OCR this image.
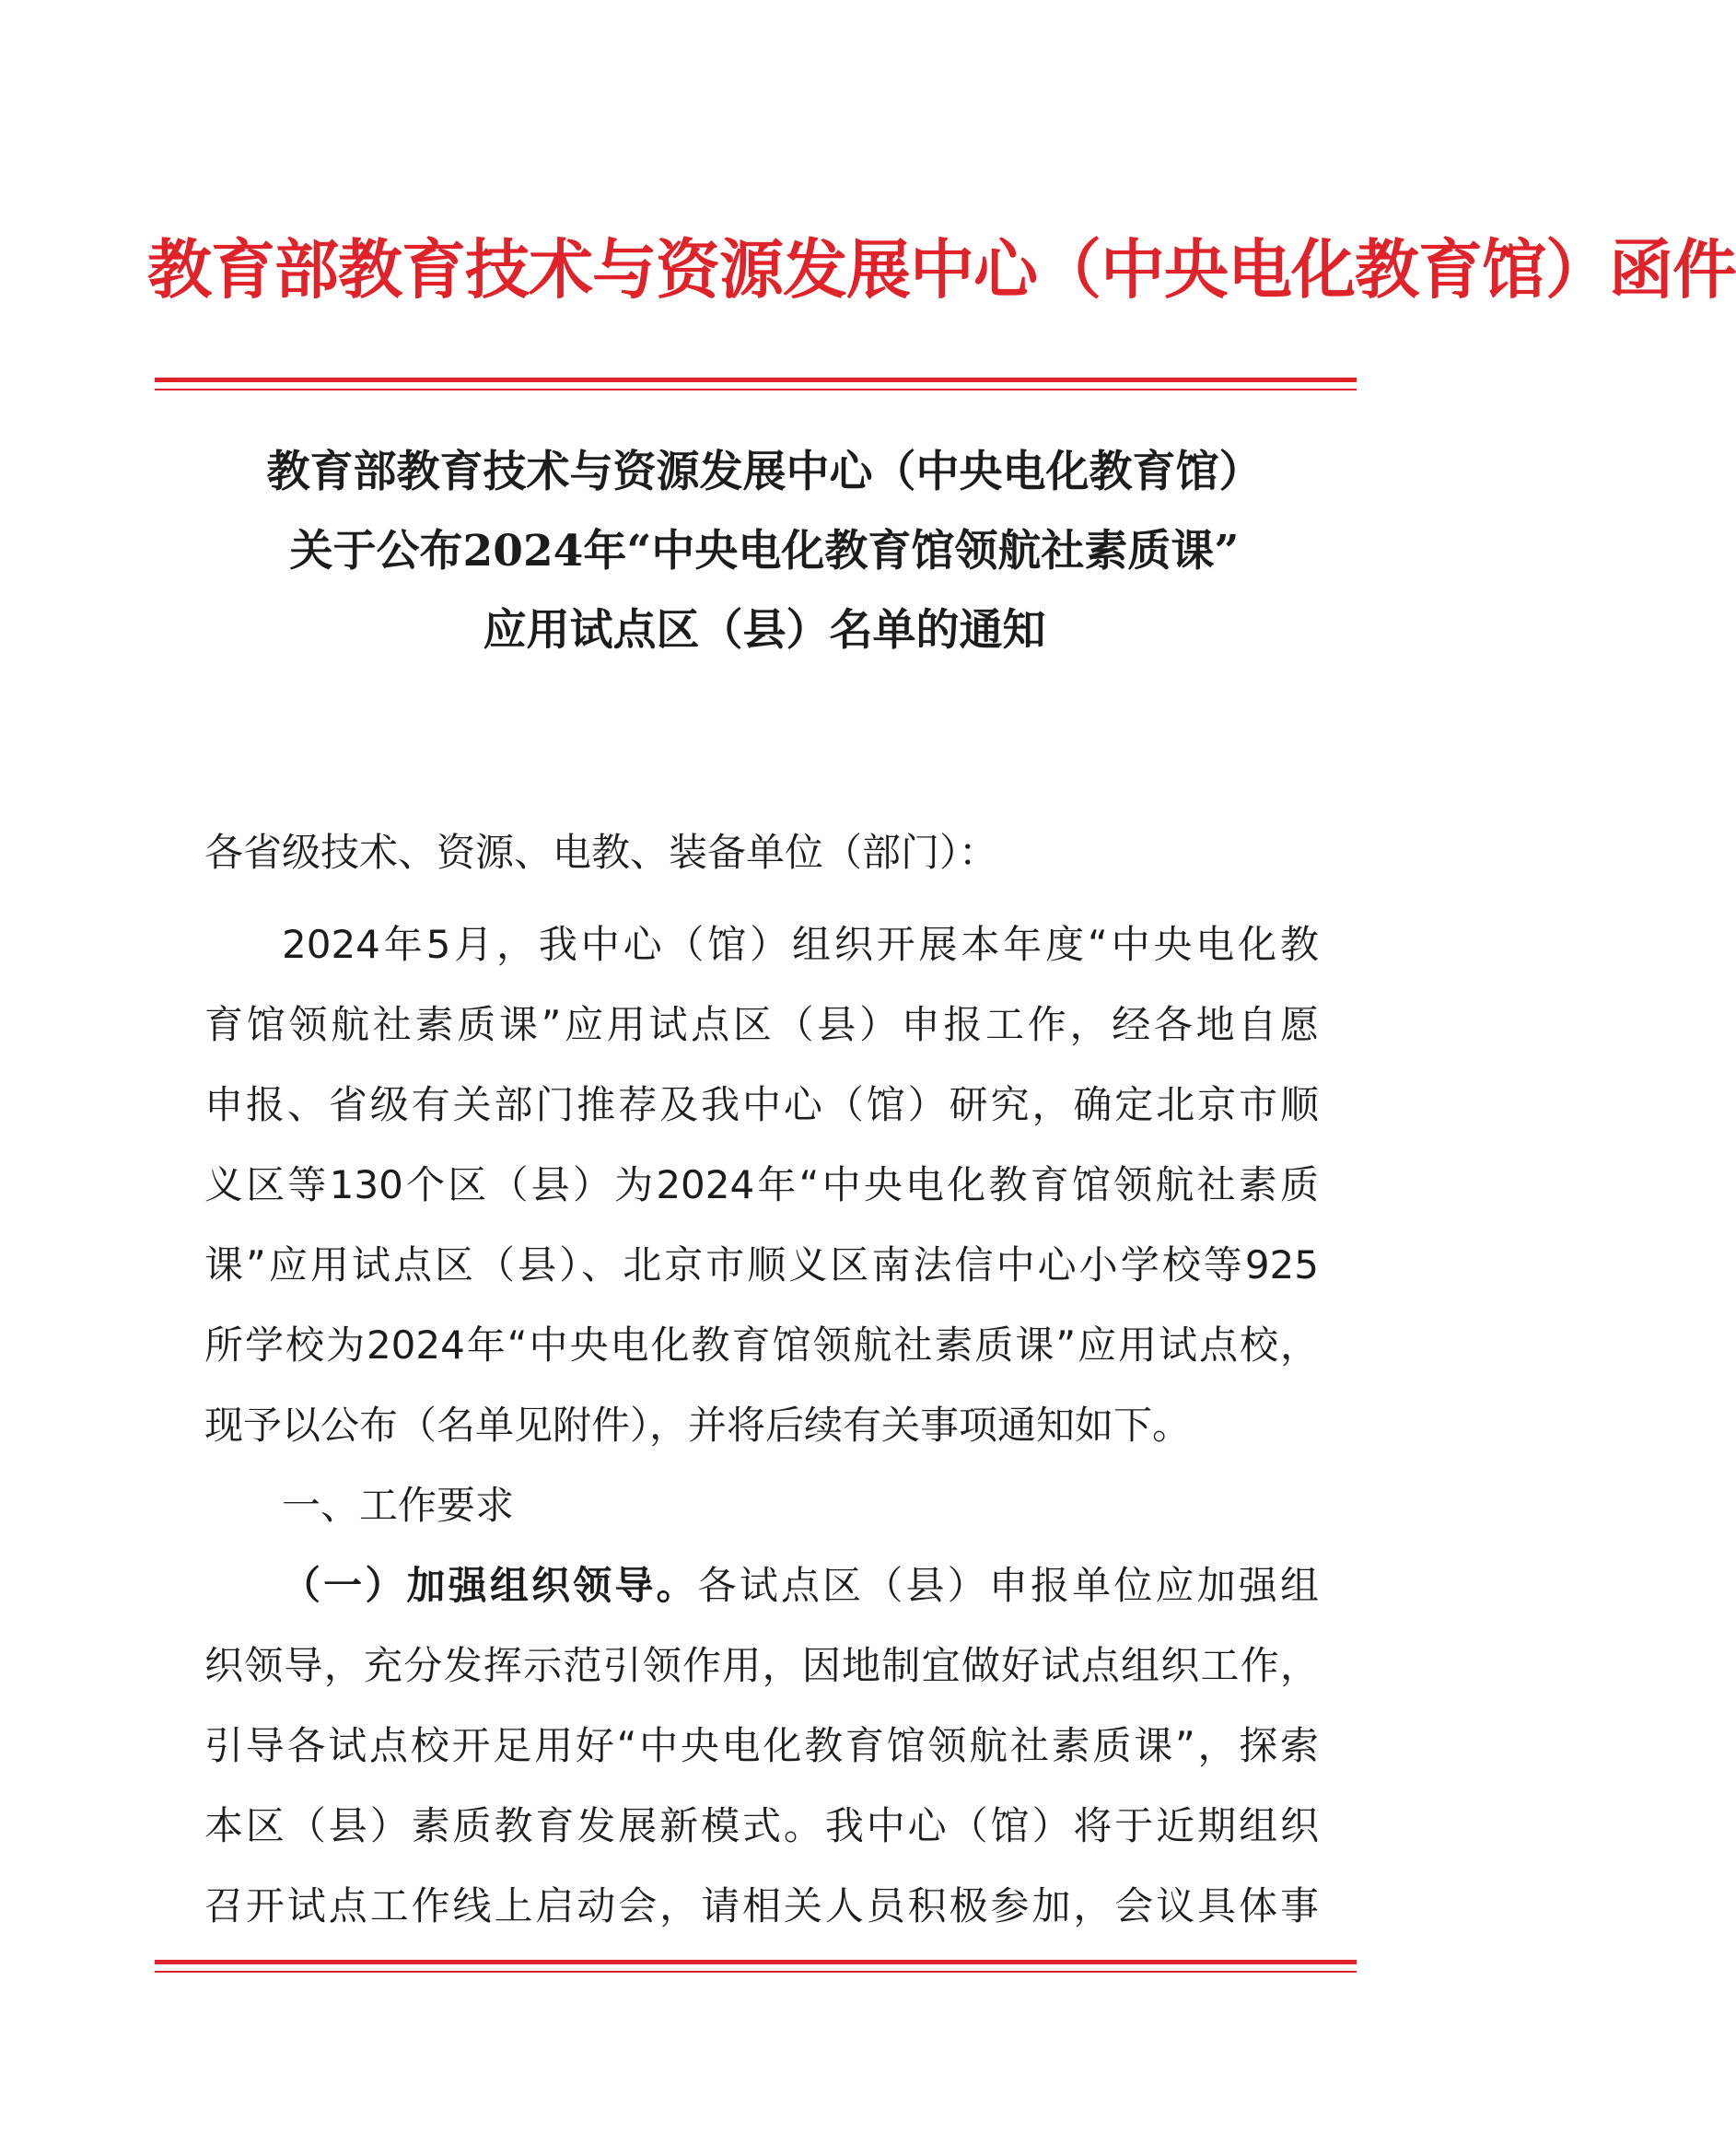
教育部教育技术与资源发展中心（中央电化教育馆）函件
教育部教育技术与资源发展中心（中央电化教育馆）
关于公布2024年“中央电化教育馆领航社素质课”
应用试点区（县）名单的通知
各省级技术、资源、电教、装备单位（部门）：
2024年5月，我中心（馆）组织开展本年度“中央电化教
育馆领航社素质课”应用试点区（县）申报工作，经各地自愿
申报、省级有关部门推荐及我中心（馆）研究，确定北京市顺
义区等130个区（县）为2024年“中央电化教育馆领航社素质
课”应用试点区（县）、北京市顺义区南法信中心小学校等925
所学校为2024年“中央电化教育馆领航社素质课”应用试点校，
现予以公布（名单见附件），并将后续有关事项通知如下。
一、工作要求
（一）加强组织领导。各试点区（县）申报单位应加强组
织领导，充分发挥示范引领作用，因地制宜做好试点组织工作，
引导各试点校开足用好“中央电化教育馆领航社素质课”，探索
本区（县）素质教育发展新模式。我中心（馆）将于近期组织
召开试点工作线上启动会，请相关人员积极参加，会议具体事
